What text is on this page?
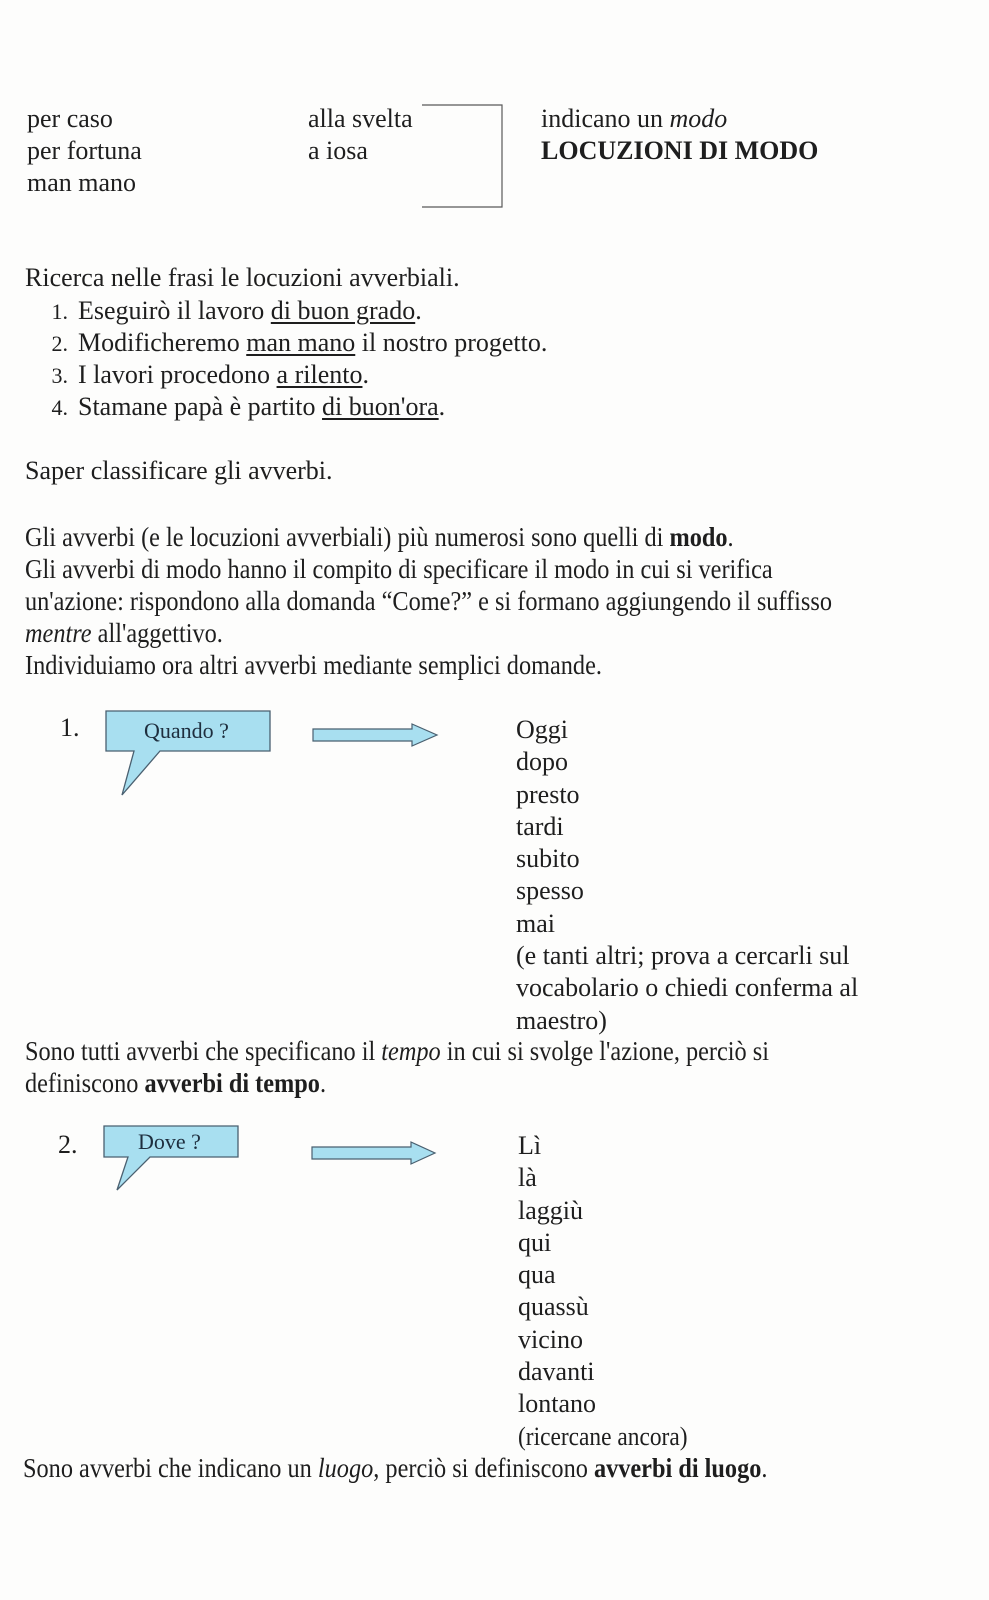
per caso
per fortuna
man mano
alla svelta
a iosa
indicano un modo
LOCUZIONI DI MODO
Ricerca nelle frasi le locuzioni avverbiali.
1. Eseguirò il lavoro di buon grado.
2. Modificheremo man mano il nostro progetto.
3. I lavori procedono a rilento.
4. Stamane papà è partito di buon'ora.
Saper classificare gli avverbi.
Gli avverbi (e le locuzioni avverbiali) più numerosi sono quelli di modo.
Gli avverbi di modo hanno il compito di specificare il modo in cui si verifica
un'azione: rispondono alla domanda “Come?” e si formano aggiungendo il suffisso
mentre all'aggettivo.
Individuiamo ora altri avverbi mediante semplici domande.
1.	Quando ?	Oggi
dopo
presto
tardi
subito
spesso
mai
(e tanti altri; prova a cercarli sul
vocabolario o chiedi conferma al
maestro)
Sono tutti avverbi che specificano il tempo in cui si svolge l'azione, perciò si
definiscono avverbi di tempo.
2.	Dove ?	Lì
là
laggiù
qui
qua
quassù
vicino
davanti
lontano
(ricercane ancora)
Sono avverbi che indicano un luogo, perciò si definiscono avverbi di luogo.
